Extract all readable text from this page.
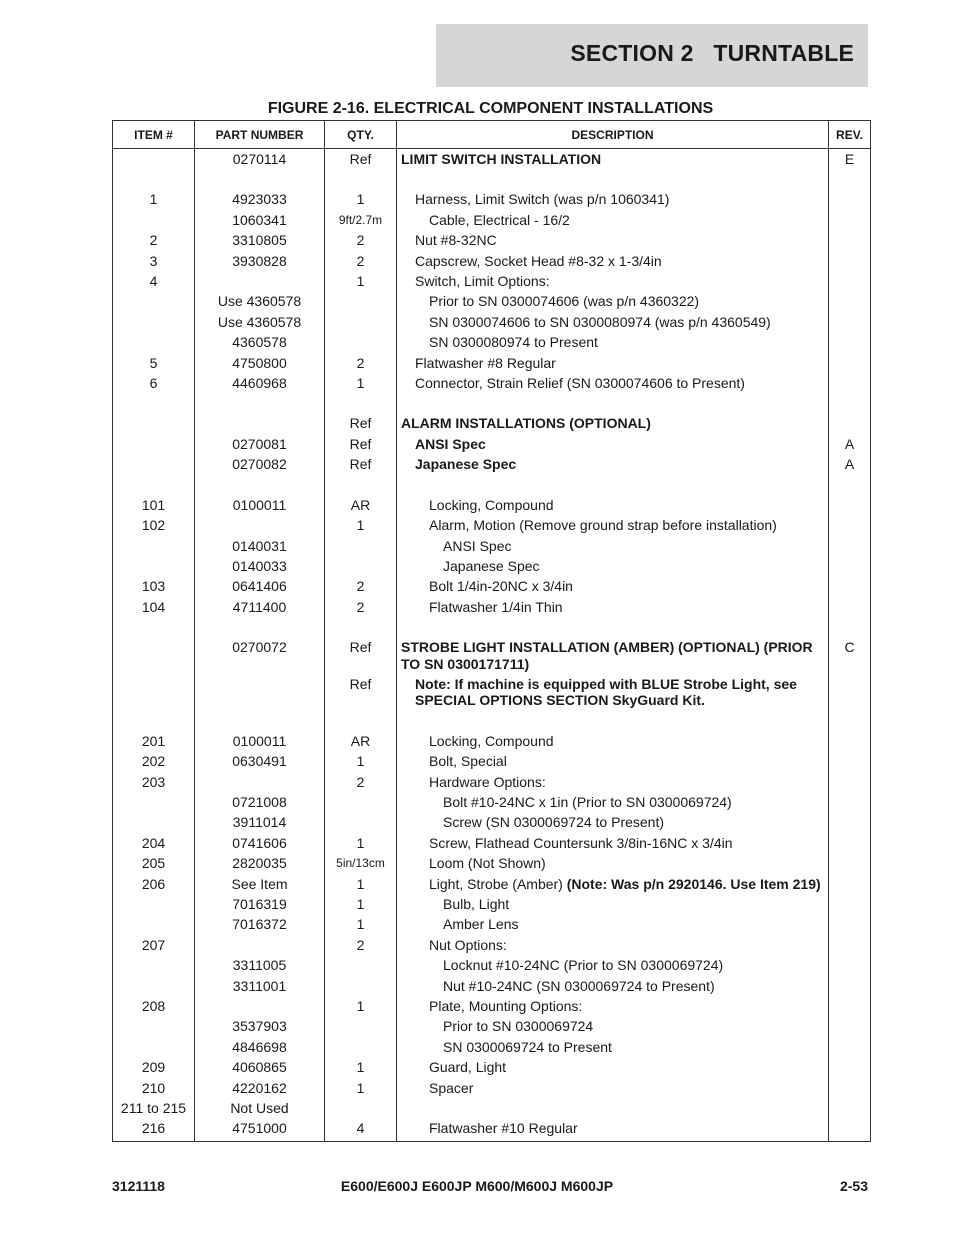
SECTION 2   TURNTABLE
FIGURE 2-16. ELECTRICAL COMPONENT INSTALLATIONS
ITEM #	PART NUMBER	QTY.	DESCRIPTION	REV.
	0270114	Ref	LIMIT SWITCH INSTALLATION	E

1	4923033	1	Harness, Limit Switch (was p/n 1060341)	

	1060341	9ft/2.7m	Cable, Electrical - 16/2	

2	3310805	2	Nut #8-32NC	

3	3930828	2	Capscrew, Socket Head #8-32 x 1-3/4in	

4		1	Switch, Limit Options:	

	Use 4360578		Prior to SN 0300074606 (was p/n 4360322)	

	Use 4360578		SN 0300074606 to SN 0300080974 (was p/n 4360549)	

	4360578		SN 0300080974 to Present	

5	4750800	2	Flatwasher #8 Regular	

6	4460968	1	Connector, Strain Relief (SN 0300074606 to Present)	

		Ref	ALARM INSTALLATIONS (OPTIONAL)	

	0270081	Ref	ANSI Spec	A
	0270082	Ref	Japanese Spec	A

101	0100011	AR	Locking, Compound	

102		1	Alarm, Motion (Remove ground strap before installation)	

	0140031		ANSI Spec	

	0140033		Japanese Spec	

103	0641406	2	Bolt 1/4in-20NC x 3/4in	

104	4711400	2	Flatwasher 1/4in Thin	

	0270072	Ref	STROBE LIGHT INSTALLATION (AMBER) (OPTIONAL) (PRIOR TO SN 0300171711)	C
		Ref	Note: If machine is equipped with BLUE Strobe Light, see SPECIAL OPTIONS SECTION SkyGuard Kit.	

201	0100011	AR	Locking, Compound	

202	0630491	1	Bolt, Special	

203		2	Hardware Options:	

	0721008		Bolt #10-24NC x 1in (Prior to SN 0300069724)	

	3911014		Screw (SN 0300069724 to Present)	

204	0741606	1	Screw, Flathead Countersunk 3/8in-16NC x 3/4in	

205	2820035	5in/13cm	Loom (Not Shown)	

206	See Item	1	Light, Strobe (Amber) (Note: Was p/n 2920146. Use Item 219)	

	7016319	1	Bulb, Light	

	7016372	1	Amber Lens	

207		2	Nut Options:	

	3311005		Locknut #10-24NC (Prior to SN 0300069724)	

	3311001		Nut #10-24NC (SN 0300069724 to Present)	

208		1	Plate, Mounting Options:	

	3537903		Prior to SN 0300069724	

	4846698		SN 0300069724 to Present	

209	4060865	1	Guard, Light	

210	4220162	1	Spacer	

211 to 215	Not Used		

216	4751000	4	Flatwasher #10 Regular	

3121118	E600/E600J E600JP M600/M600J M600JP	2-53
